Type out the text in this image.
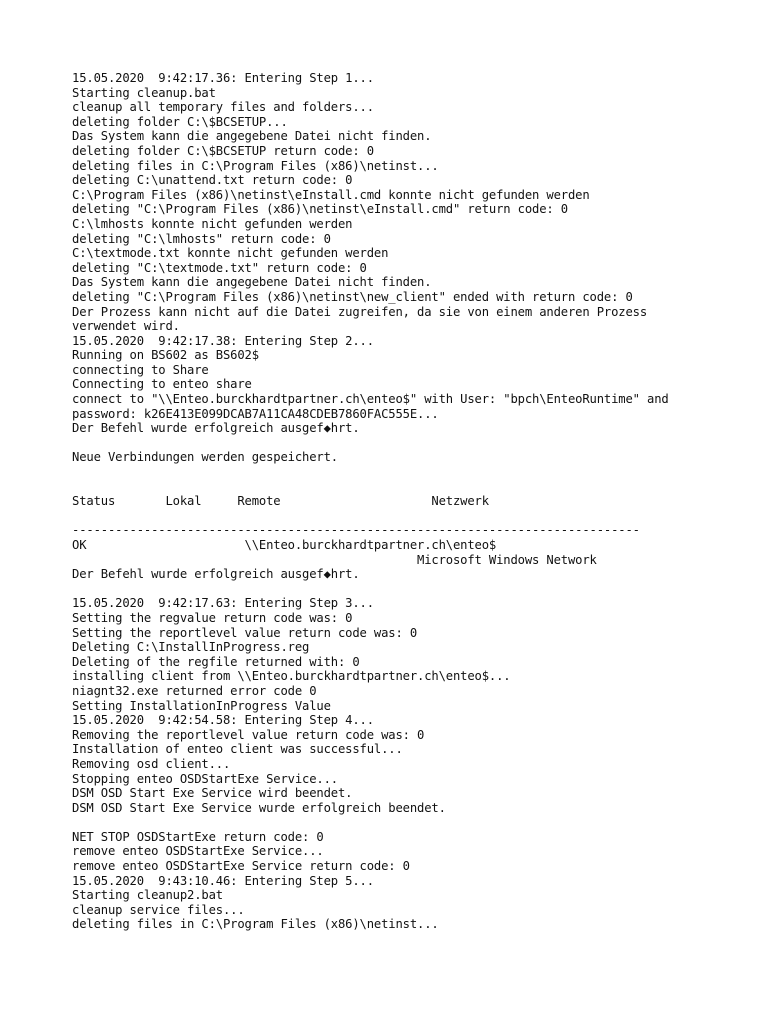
15.05.2020  9:42:17.36: Entering Step 1...
Starting cleanup.bat
cleanup all temporary files and folders...
deleting folder C:\$BCSETUP...
Das System kann die angegebene Datei nicht finden.
deleting folder C:\$BCSETUP return code: 0
deleting files in C:\Program Files (x86)\netinst...
deleting C:\unattend.txt return code: 0
C:\Program Files (x86)\netinst\eInstall.cmd konnte nicht gefunden werden
deleting "C:\Program Files (x86)\netinst\eInstall.cmd" return code: 0
C:\lmhosts konnte nicht gefunden werden
deleting "C:\lmhosts" return code: 0
C:\textmode.txt konnte nicht gefunden werden
deleting "C:\textmode.txt" return code: 0
Das System kann die angegebene Datei nicht finden.
deleting "C:\Program Files (x86)\netinst\new_client" ended with return code: 0
Der Prozess kann nicht auf die Datei zugreifen, da sie von einem anderen Prozess
verwendet wird.
15.05.2020  9:42:17.38: Entering Step 2...
Running on BS602 as BS602$
connecting to Share
Connecting to enteo share
connect to "\\Enteo.burckhardtpartner.ch\enteo$" with User: "bpch\EnteoRuntime" and
password: k26E413E099DCAB7A11CA48CDEB7860FAC555E...
Der Befehl wurde erfolgreich ausgef◆hrt.
Neue Verbindungen werden gespeichert.
Status       Lokal     Remote                     Netzwerk
-------------------------------------------------------------------------------
OK                      \\Enteo.burckhardtpartner.ch\enteo$
Microsoft Windows Network
Der Befehl wurde erfolgreich ausgef◆hrt.
15.05.2020  9:42:17.63: Entering Step 3...
Setting the regvalue return code was: 0
Setting the reportlevel value return code was: 0
Deleting C:\InstallInProgress.reg
Deleting of the regfile returned with: 0
installing client from \\Enteo.burckhardtpartner.ch\enteo$...
niagnt32.exe returned error code 0
Setting InstallationInProgress Value
15.05.2020  9:42:54.58: Entering Step 4...
Removing the reportlevel value return code was: 0
Installation of enteo client was successful...
Removing osd client...
Stopping enteo OSDStartExe Service...
DSM OSD Start Exe Service wird beendet.
DSM OSD Start Exe Service wurde erfolgreich beendet.
NET STOP OSDStartExe return code: 0
remove enteo OSDStartExe Service...
remove enteo OSDStartExe Service return code: 0
15.05.2020  9:43:10.46: Entering Step 5...
Starting cleanup2.bat
cleanup service files...
deleting files in C:\Program Files (x86)\netinst...
